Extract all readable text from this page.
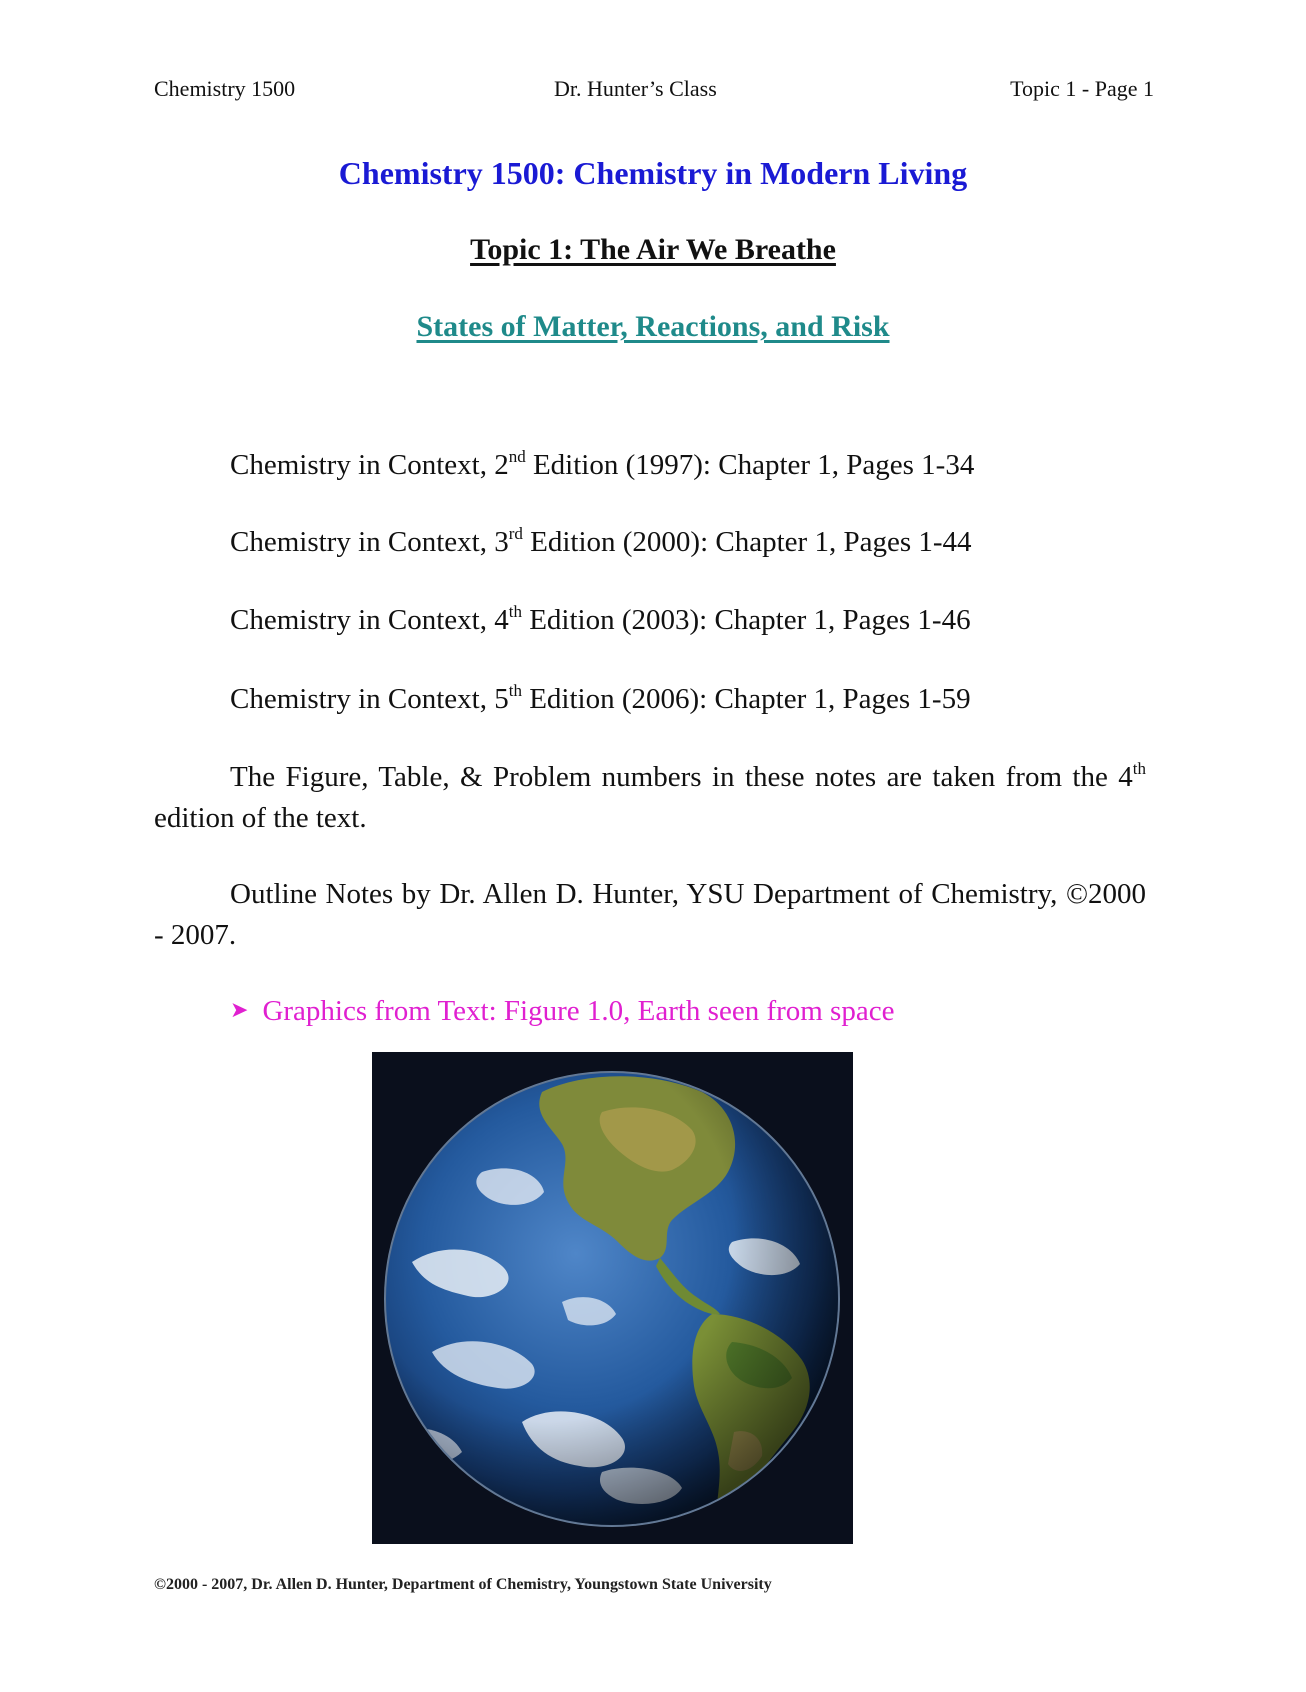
Chemistry 1500	Dr. Hunter’s Class	Topic 1 - Page 1
Chemistry 1500: Chemistry in Modern Living
Topic 1: The Air We Breathe
States of Matter, Reactions, and Risk
Chemistry in Context, 2nd Edition (1997): Chapter 1, Pages 1-34
Chemistry in Context, 3rd Edition (2000): Chapter 1, Pages 1-44
Chemistry in Context, 4th Edition (2003): Chapter 1, Pages 1-46
Chemistry in Context, 5th Edition (2006): Chapter 1, Pages 1-59
The Figure, Table, & Problem numbers in these notes are taken from the 4th edition of the text.
Outline Notes by Dr. Allen D. Hunter, YSU Department of Chemistry, ©2000 - 2007.
➤ Graphics from Text: Figure 1.0, Earth seen from space
©2000 - 2007, Dr. Allen D. Hunter, Department of Chemistry, Youngstown State University
